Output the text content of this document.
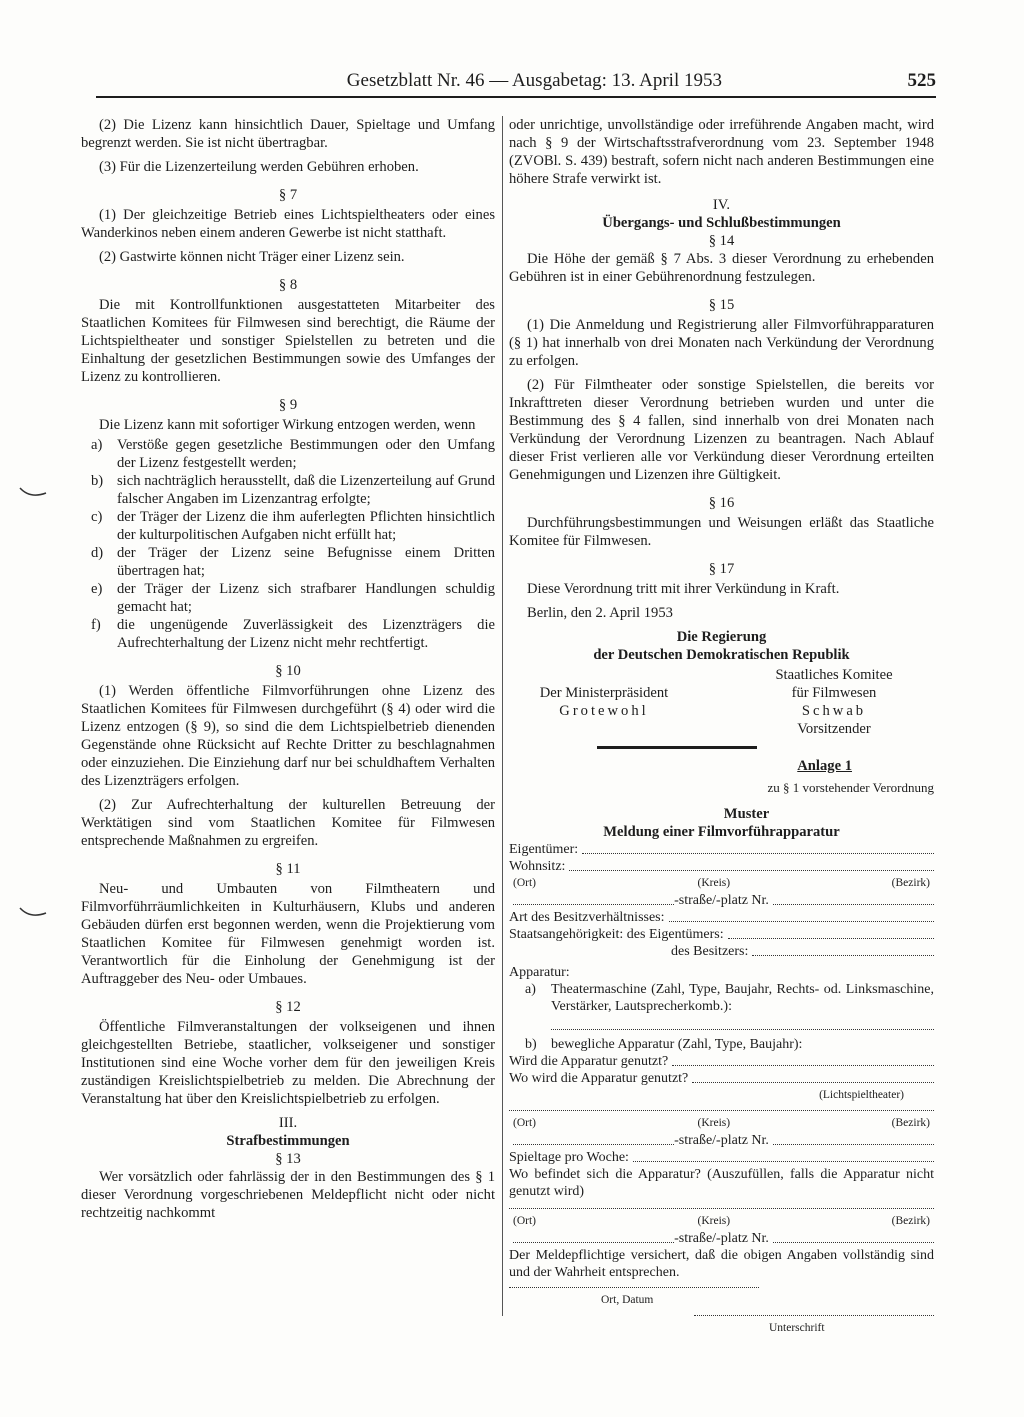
Gesetzblatt Nr. 46 — Ausgabetag: 13. April 1953	525

(2) Die Lizenz kann hinsichtlich Dauer, Spieltage und Umfang begrenzt werden. Sie ist nicht übertragbar.

(3) Für die Lizenzerteilung werden Gebühren erhoben.

§ 7

(1) Der gleichzeitige Betrieb eines Lichtspieltheaters oder eines Wanderkinos neben einem anderen Gewerbe ist nicht statthaft.

(2) Gastwirte können nicht Träger einer Lizenz sein.

§ 8

Die mit Kontrollfunktionen ausgestatteten Mitarbeiter des Staatlichen Komitees für Filmwesen sind berechtigt, die Räume der Lichtspieltheater und sonstiger Spielstellen zu betreten und die Einhaltung der gesetzlichen Bestimmungen sowie des Umfanges der Lizenz zu kontrollieren.

§ 9

Die Lizenz kann mit sofortiger Wirkung entzogen werden, wenn

a)	Verstöße gegen gesetzliche Bestimmungen oder den Umfang der Lizenz festgestellt werden;
b) sich nachträglich herausstellt, daß die Lizenzerteilung auf Grund falscher Angaben im Lizenzantrag erfolgte;
c)	der Träger der Lizenz die ihm auferlegten Pflichten hinsichtlich der kulturpolitischen Aufgaben nicht erfüllt hat;
d) der Träger der Lizenz seine Befugnisse einem Dritten übertragen hat;
e)	der Träger der Lizenz sich strafbarer Handlungen schuldig gemacht hat;
f)	die ungenügende Zuverlässigkeit des Lizenzträgers die Aufrechterhaltung der Lizenz nicht mehr rechtfertigt.
§ 10

(1) Werden öffentliche Filmvorführungen ohne Lizenz des Staatlichen Komitees für Filmwesen durchgeführt (§ 4) oder wird die Lizenz entzogen (§ 9), so sind die dem Lichtspielbetrieb dienenden Gegenstände ohne Rücksicht auf Rechte Dritter zu beschlagnahmen oder einzuziehen. Die Einziehung darf nur bei schuldhaftem Verhalten des Lizenzträgers erfolgen.

(2) Zur Aufrechterhaltung der kulturellen Betreuung der Werktätigen sind vom Staatlichen Komitee für Filmwesen entsprechende Maßnahmen zu ergreifen.

§ 11

Neu- und Umbauten von Filmtheatern und Filmvorführräumlichkeiten in Kulturhäusern, Klubs und anderen Gebäuden dürfen erst begonnen werden, wenn die Projektierung vom Staatlichen Komitee für Filmwesen genehmigt worden ist. Verantwortlich für die Einholung der Genehmigung ist der Auftraggeber des Neu- oder Umbaues.

§ 12

Öffentliche Filmveranstaltungen der volkseigenen und ihnen gleichgestellten Betriebe, staatlicher, volkseigener und sonstiger Institutionen sind eine Woche vorher dem für den jeweiligen Kreis zuständigen Kreislichtspielbetrieb zu melden. Die Abrechnung der Veranstaltung hat über den Kreislichtspielbetrieb zu erfolgen.

III.
Strafbestimmungen
§ 13

Wer vorsätzlich oder fahrlässig der in den Bestimmungen des § 1 dieser Verordnung vorgeschriebenen Meldepflicht nicht oder nicht rechtzeitig nachkommt

oder unrichtige, unvollständige oder irreführende Angaben macht, wird nach § 9 der Wirtschaftsstrafverordnung vom 23. September 1948 (ZVOBl. S. 439) bestraft, sofern nicht nach anderen Bestimmungen eine höhere Strafe verwirkt ist.

IV.
Übergangs- und Schlußbestimmungen
§ 14

Die Höhe der gemäß § 7 Abs. 3 dieser Verordnung zu erhebenden Gebühren ist in einer Gebührenordnung festzulegen.

§ 15

(1) Die Anmeldung und Registrierung aller Filmvorführapparaturen (§ 1) hat innerhalb von drei Monaten nach Verkündung der Verordnung zu erfolgen.

(2) Für Filmtheater oder sonstige Spielstellen, die bereits vor Inkrafttreten dieser Verordnung betrieben wurden und unter die Bestimmung des § 4 fallen, sind innerhalb von drei Monaten nach Verkündung der Verordnung Lizenzen zu beantragen. Nach Ablauf dieser Frist verlieren alle vor Verkündung dieser Verordnung erteilten Genehmigungen und Lizenzen ihre Gültigkeit.

§ 16

Durchführungsbestimmungen und Weisungen erläßt das Staatliche Komitee für Filmwesen.

§ 17

Diese Verordnung tritt mit ihrer Verkündung in Kraft.

Berlin, den 2. April 1953

Die Regierung
der Deutschen Demokratischen Republik
Der Ministerpräsident
Grotewohl
Staatliches Komitee
für Filmwesen
Schwab
Vorsitzender
Anlage 1
zu § 1 vorstehender Verordnung
Muster
Meldung einer Filmvorführapparatur
Eigentümer:
Wohnsitz:
(Ort)	(Kreis)	(Bezirk)
-straße/-platz Nr.
Art des Besitzverhältnisses:
Staatsangehörigkeit: des Eigentümers:
des Besitzers:
Apparatur:
a)	Theatermaschine (Zahl, Type, Baujahr, Rechts- od. Linksmaschine, Verstärker, Lautsprecherkomb.):
b)	bewegliche Apparatur (Zahl, Type, Baujahr):
Wird die Apparatur genutzt?
Wo wird die Apparatur genutzt?
(Lichtspieltheater)
(Ort)	(Kreis)	(Bezirk)
-straße/-platz Nr.
Spieltage pro Woche:

Wo befindet sich die Apparatur? (Auszufüllen, falls die Apparatur nicht genutzt wird)

(Ort)	(Kreis)	(Bezirk)
-straße/-platz Nr.

Der Meldepflichtige versichert, daß die obigen Angaben vollständig sind und der Wahrheit entsprechen.

Ort, Datum
Unterschrift
